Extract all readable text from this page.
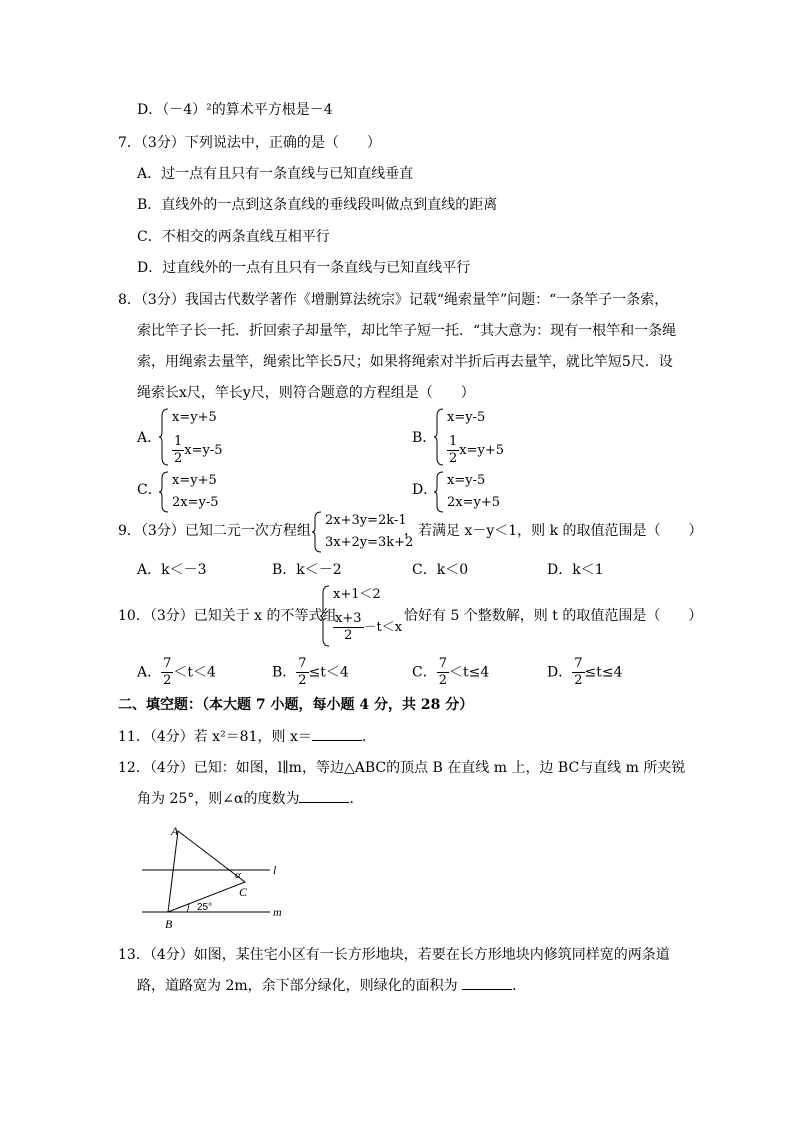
D．（－4）²的算术平方根是－4
7．（3分）下列说法中，正确的是（　　）
A．过一点有且只有一条直线与已知直线垂直
B．直线外的一点到这条直线的垂线段叫做点到直线的距离
C．不相交的两条直线互相平行
D．过直线外的一点有且只有一条直线与已知直线平行
8．（3分）我国古代数学著作《增删算法统宗》记载“绳索量竿”问题：“一条竿子一条索，
索比竿子长一托．折回索子却量竿，却比竿子短一托．“其大意为：现有一根竿和一条绳
索，用绳索去量竿，绳索比竿长5尺；如果将绳索对半折后再去量竿，就比竿短5尺．设
绳索长x尺，竿长y尺，则符合题意的方程组是（　　）
A．
x=y+5
$\frac{1}{2} x=y-5$
B．
x=y-5
$\frac{1}{2} x=y+5$
C．
x=y+5
2x=y-5
D．
x=y-5
2x=y+5
9．（3分）已知二元一次方程组
2x+3y=2k-1
3x+2y=3k+2
，若满足 x－y＜1，则 k 的取值范围是（　　）
A．k＜－3	B．k＜－2	C．k＜0	D．k＜1
10．（3分）已知关于 x 的不等式组
x+1＜2
$\frac{x+3}{2} -t<x$
恰好有 5 个整数解，则 t 的取值范围是（　　）
A． $\frac{7}{2} <t<4$	B． $\frac{7}{2} \le t<4$	C． $\frac{7}{2} <t\le 4$	D． $\frac{7}{2} \le t\le 4$
二、填空题：（本大题 7 小题，每小题 4 分，共 28 分）
11．（4分）若 x²＝81，则 x＝	．
12．（4分）已知：如图，l∥m，等边△ABC的顶点 B 在直线 m 上，边 BC与直线 m 所夹锐
角为 25°，则∠α的度数为	．
A
B
C
l
m
α
25°
13．（4分）如图，某住宅小区有一长方形地块，若要在长方形地块内修筑同样宽的两条道
路，道路宽为 2m，余下部分绿化，则绿化的面积为	．
